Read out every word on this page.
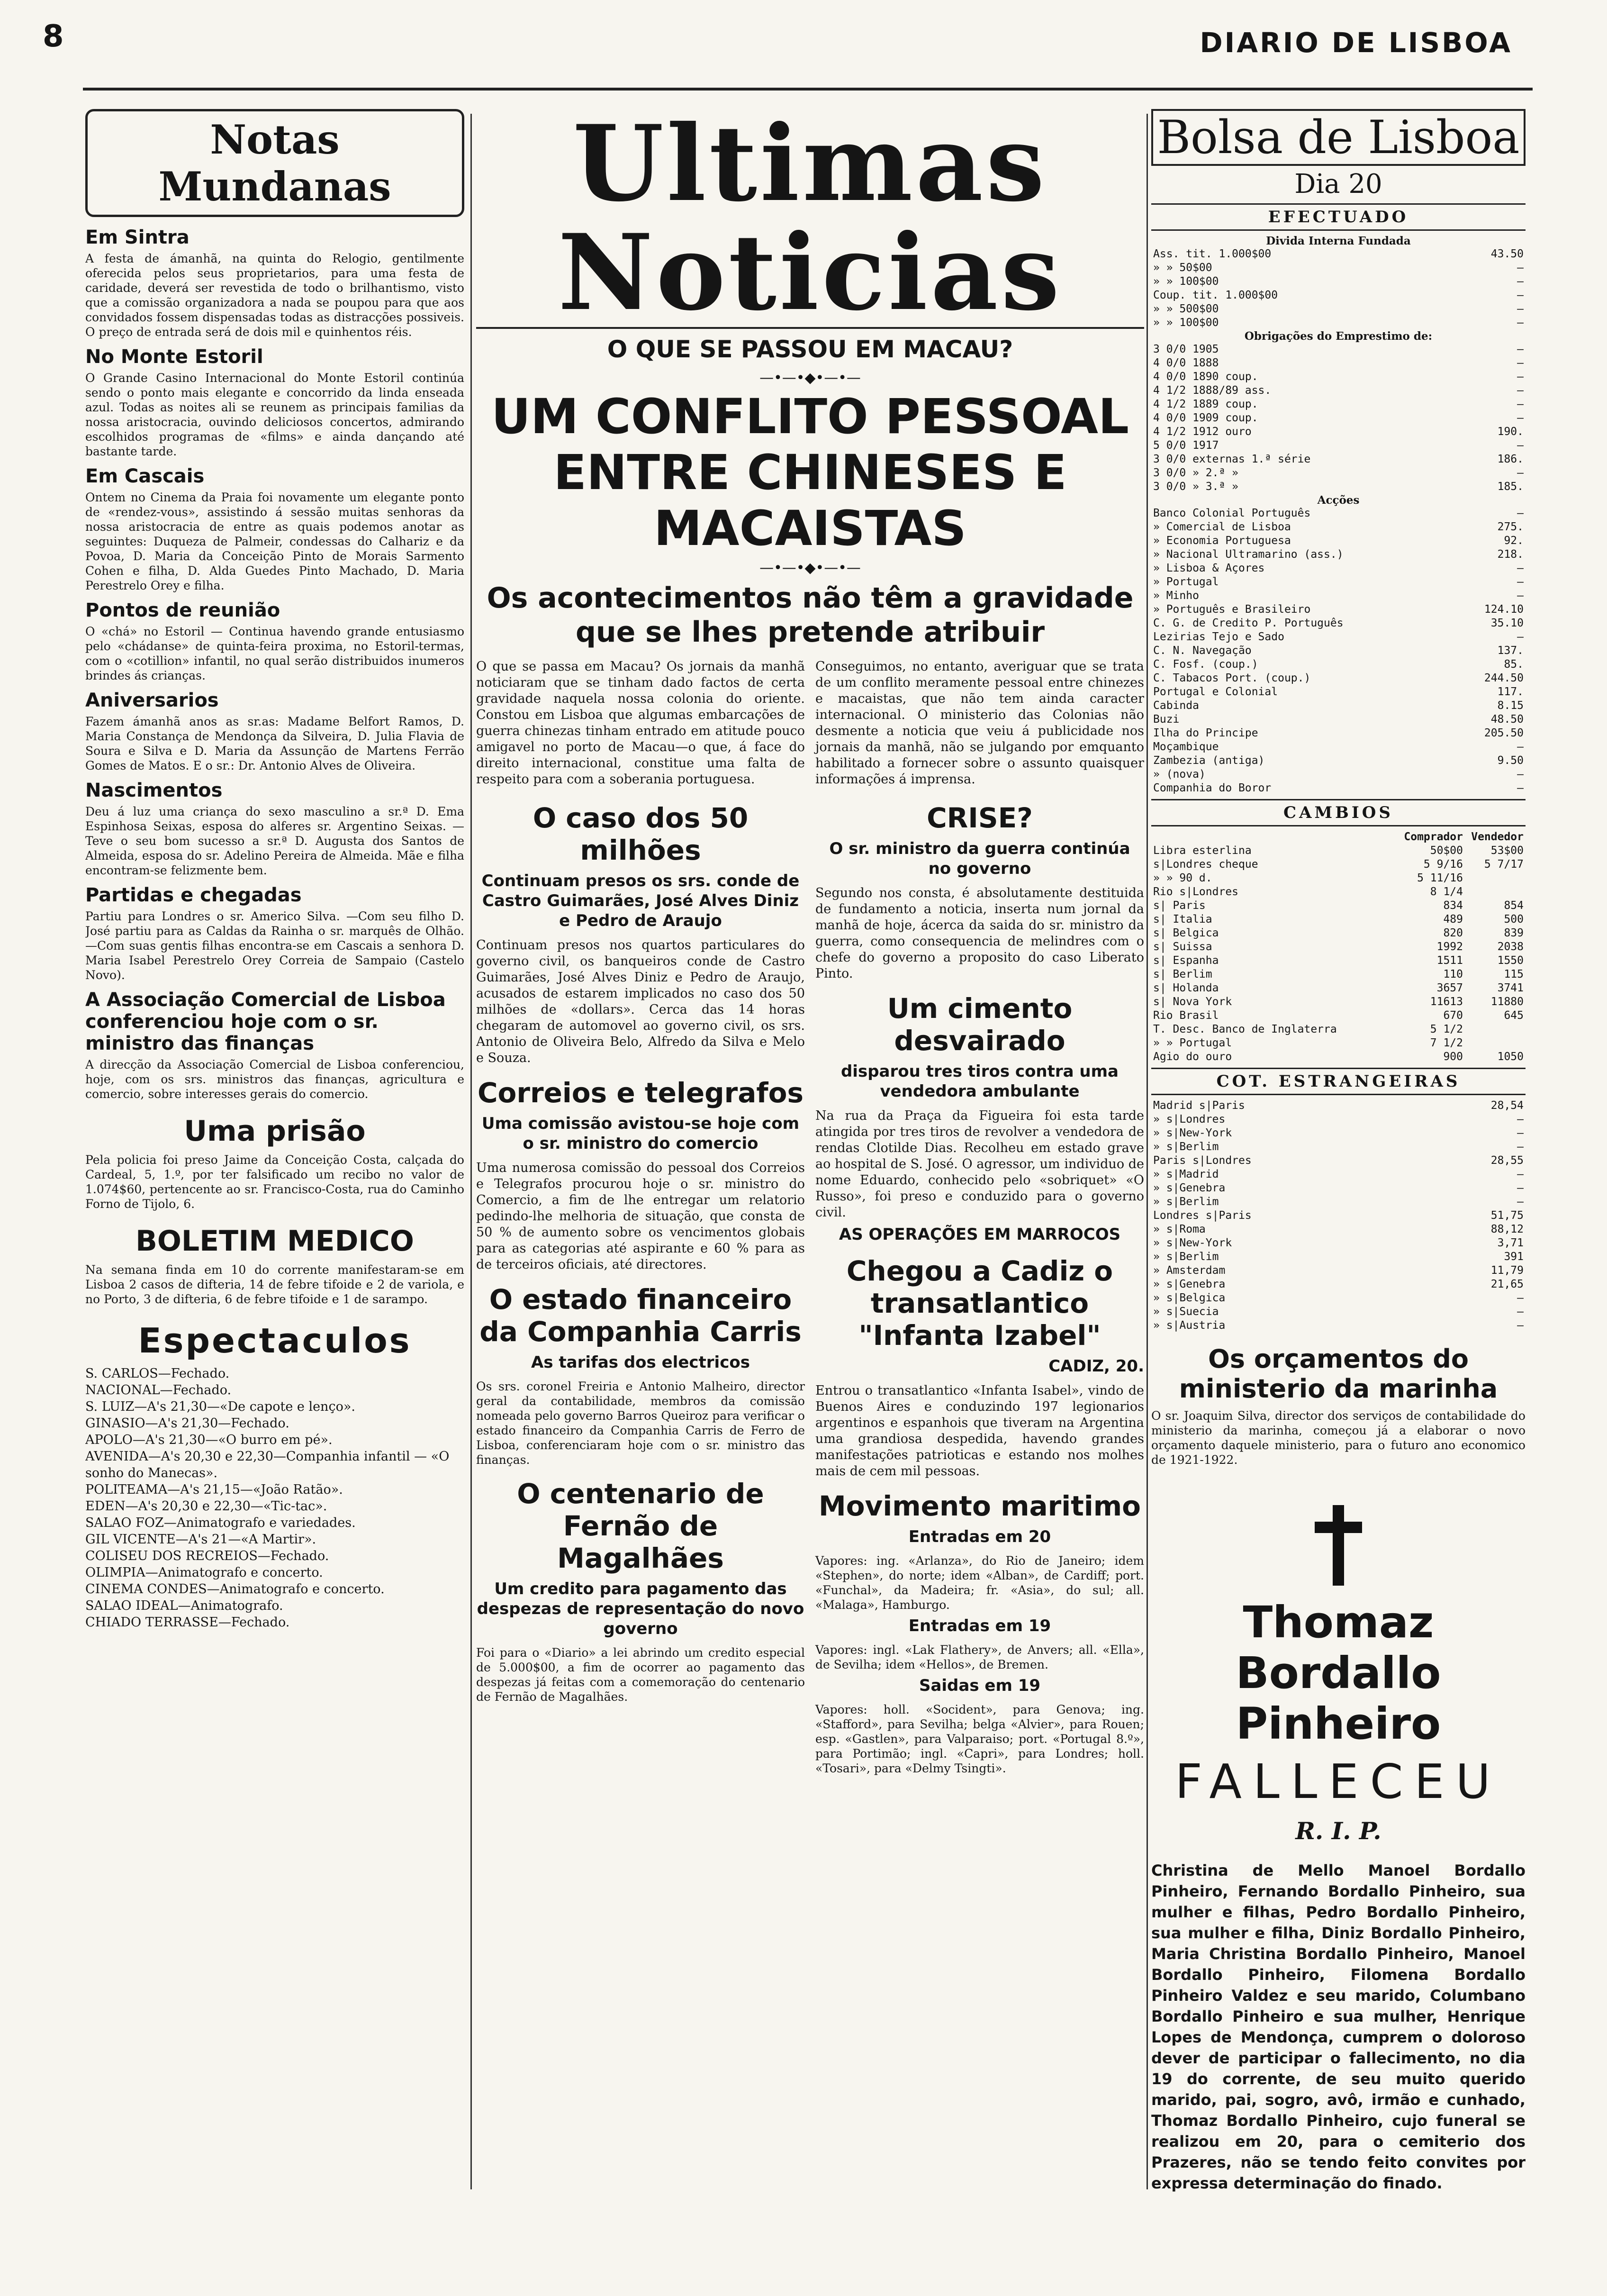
8	DIARIO DE LISBOA
Notas Mundanas
Em Sintra

A festa de ámanhã, na quinta do Relogio, gentilmente oferecida pelos seus proprietarios, para uma festa de caridade, deverá ser revestida de todo o brilhantismo, visto que a comissão organizadora a nada se poupou para que aos convidados fossem dispensadas todas as distracções possiveis. O preço de entrada será de dois mil e quinhentos réis.

No Monte Estoril

O Grande Casino Internacional do Monte Estoril continúa sendo o ponto mais elegante e concorrido da linda enseada azul. Todas as noites ali se reunem as principais familias da nossa aristocracia, ouvindo deliciosos concertos, admirando escolhidos programas de «films» e ainda dançando até bastante tarde.

Em Cascais

Ontem no Cinema da Praia foi novamente um elegante ponto de «rendez-vous», assistindo á sessão muitas senhoras da nossa aristocracia de entre as quais podemos anotar as seguintes: Duqueza de Palmeir, condessas do Calhariz e da Povoa, D. Maria da Conceição Pinto de Morais Sarmento Cohen e filha, D. Alda Guedes Pinto Machado, D. Maria Perestrelo Orey e filha.

Pontos de reunião

O «chá» no Estoril — Continua havendo grande entusiasmo pelo «chádanse» de quinta-feira proxima, no Estoril-termas, com o «cotillion» infantil, no qual serão distribuidos inumeros brindes ás crianças.

Aniversarios

Fazem ámanhã anos as sr.as: Madame Belfort Ramos, D. Maria Constança de Mendonça da Silveira, D. Julia Flavia de Soura e Silva e D. Maria da Assunção de Martens Ferrão Gomes de Matos. E o sr.: Dr. Antonio Alves de Oliveira.

Nascimentos

Deu á luz uma criança do sexo masculino a sr.ª D. Ema Espinhosa Seixas, esposa do alferes sr. Argentino Seixas. —Teve o seu bom sucesso a sr.ª D. Augusta dos Santos de Almeida, esposa do sr. Adelino Pereira de Almeida. Mãe e filha encontram-se felizmente bem.

Partidas e chegadas

Partiu para Londres o sr. Americo Silva. —Com seu filho D. José partiu para as Caldas da Rainha o sr. marquês de Olhão. —Com suas gentis filhas encontra-se em Cascais a senhora D. Maria Isabel Perestrelo Orey Correia de Sampaio (Castelo Novo).

A Associação Comercial de Lisboa conferenciou hoje com o sr. ministro das finanças

A direcção da Associação Comercial de Lisboa conferenciou, hoje, com os srs. ministros das finanças, agricultura e comercio, sobre interesses gerais do comercio.

Uma prisão

Pela policia foi preso Jaime da Conceição Costa, calçada do Cardeal, 5, 1.º, por ter falsificado um recibo no valor de 1.074$60, pertencente ao sr. Francisco-Costa, rua do Caminho Forno de Tijolo, 6.

BOLETIM MEDICO

Na semana finda em 10 do corrente manifestaram-se em Lisboa 2 casos de difteria, 14 de febre tifoide e 2 de variola, e no Porto, 3 de difteria, 6 de febre tifoide e 1 de sarampo.

Espectaculos
S. CARLOS—Fechado.
NACIONAL—Fechado.
S. LUIZ—A's 21,30—«De capote e lenço».
GINASIO—A's 21,30—Fechado.
APOLO—A's 21,30—«O burro em pé».
AVENIDA—A's 20,30 e 22,30—Companhia infantil — «O sonho do Manecas».
POLITEAMA—A's 21,15—«João Ratão».
EDEN—A's 20,30 e 22,30—«Tic-tac».
SALAO FOZ—Animatografo e variedades.
GIL VICENTE—A's 21—«A Martir».
COLISEU DOS RECREIOS—Fechado.
OLIMPIA—Animatografo e concerto.
CINEMA CONDES—Animatografo e concerto.
SALAO IDEAL—Animatografo.
CHIADO TERRASSE—Fechado.
Ultimas Noticias
O QUE SE PASSOU EM MACAU?
—•—•◆•—•—
UM CONFLITO PESSOAL ENTRE CHINESES E MACAISTAS
—•—•◆•—•—
Os acontecimentos não têm a gravidade que se lhes pretende atribuir

O que se passa em Macau? Os jornais da manhã noticiaram que se tinham dado factos de certa gravidade naquela nossa colonia do oriente. Constou em Lisboa que algumas embarcações de guerra chinezas tinham entrado em atitude pouco amigavel no porto de Macau—o que, á face do direito internacional, constitue uma falta de respeito para com a soberania portuguesa.

Conseguimos, no entanto, averiguar que se trata de um conflito meramente pessoal entre chinezes e macaistas, que não tem ainda caracter internacional. O ministerio das Colonias não desmente a noticia que veiu á publicidade nos jornais da manhã, não se julgando por emquanto habilitado a fornecer sobre o assunto quaisquer informações á imprensa.

O caso dos 50 milhões
Continuam presos os srs. conde de Castro Guimarães, José Alves Diniz e Pedro de Araujo

Continuam presos nos quartos particulares do governo civil, os banqueiros conde de Castro Guimarães, José Alves Diniz e Pedro de Araujo, acusados de estarem implicados no caso dos 50 milhões de «dollars». Cerca das 14 horas chegaram de automovel ao governo civil, os srs. Antonio de Oliveira Belo, Alfredo da Silva e Melo e Souza.

Correios e telegrafos
Uma comissão avistou-se hoje com o sr. ministro do comercio

Uma numerosa comissão do pessoal dos Correios e Telegrafos procurou hoje o sr. ministro do Comercio, a fim de lhe entregar um relatorio pedindo-lhe melhoria de situação, que consta de 50 % de aumento sobre os vencimentos globais para as categorias até aspirante e 60 % para as de terceiros oficiais, até directores.

O estado financeiro da Companhia Carris
As tarifas dos electricos

Os srs. coronel Freiria e Antonio Malheiro, director geral da contabilidade, membros da comissão nomeada pelo governo Barros Queiroz para verificar o estado financeiro da Companhia Carris de Ferro de Lisboa, conferenciaram hoje com o sr. ministro das finanças.

O centenario de Fernão de Magalhães
Um credito para pagamento das despezas de representação do novo governo

Foi para o «Diario» a lei abrindo um credito especial de 5.000$00, a fim de ocorrer ao pagamento das despezas já feitas com a comemoração do centenario de Fernão de Magalhães.

CRISE?
O sr. ministro da guerra continúa no governo

Segundo nos consta, é absolutamente destituida de fundamento a noticia, inserta num jornal da manhã de hoje, ácerca da saida do sr. ministro da guerra, como consequencia de melindres com o chefe do governo a proposito do caso Liberato Pinto.

Um cimento desvairado
disparou tres tiros contra uma vendedora ambulante

Na rua da Praça da Figueira foi esta tarde atingida por tres tiros de revolver a vendedora de rendas Clotilde Dias. Recolheu em estado grave ao hospital de S. José. O agressor, um individuo de nome Eduardo, conhecido pelo «sobriquet» «O Russo», foi preso e conduzido para o governo civil.

AS OPERAÇÕES EM MARROCOS
Chegou a Cadiz o transatlantico "Infanta Izabel"
CADIZ, 20.

Entrou o transatlantico «Infanta Isabel», vindo de Buenos Aires e conduzindo 197 legionarios argentinos e espanhois que tiveram na Argentina uma grandiosa despedida, havendo grandes manifestações patrioticas e estando nos molhes mais de cem mil pessoas.

Movimento maritimo
Entradas em 20

Vapores: ing. «Arlanza», do Rio de Janeiro; idem «Stephen», do norte; idem «Alban», de Cardiff; port. «Funchal», da Madeira; fr. «Asia», do sul; all. «Malaga», Hamburgo.

Entradas em 19

Vapores: ingl. «Lak Flathery», de Anvers; all. «Ella», de Sevilha; idem «Hellos», de Bremen.

Saidas em 19

Vapores: holl. «Socident», para Genova; ing. «Stafford», para Sevilha; belga «Alvier», para Rouen; esp. «Gastlen», para Valparaiso; port. «Portugal 8.º», para Portimão; ingl. «Capri», para Londres; holl. «Tosari», para «Delmy Tsingti».

Bolsa de Lisboa
Dia 20
EFECTUADO
Divida Interna Fundada
Ass. tit. 1.000$00	43.50
» » 50$00	—
» » 100$00	—
Coup. tit. 1.000$00	—
» » 500$00	—
» » 100$00	—
Obrigações do Emprestimo de:
3 0/0 1905	—
4 0/0 1888	—
4 0/0 1890 coup.	—
4 1/2 1888/89 ass.	—
4 1/2 1889 coup.	—
4 0/0 1909 coup.	—
4 1/2 1912 ouro	190.
5 0/0 1917	—
3 0/0 externas 1.ª série	186.
3 0/0 » 2.ª »	—
3 0/0 » 3.ª »	185.
Acções
Banco Colonial Português	—
» Comercial de Lisboa	275.
» Economia Portuguesa	92.
» Nacional Ultramarino (ass.)	218.
» Lisboa & Açores	—
» Portugal	—
» Minho	—
» Português e Brasileiro	124.10
C. G. de Credito P. Português	35.10
Lezirias Tejo e Sado	—
C. N. Navegação	137.
C. Fosf. (coup.)	85.
C. Tabacos Port. (coup.)	244.50
Portugal e Colonial	117.
Cabinda	8.15
Buzi	48.50
Ilha do Principe	205.50
Moçambique	—
Zambezia (antiga)	9.50
» (nova)	—
Companhia do Boror	—
CAMBIOS
	Comprador	Vendedor
Libra esterlina	50$00	53$00
s|Londres cheque	5 9/16	5 7/17
» » 90 d.	5 11/16	
Rio s|Londres	8 1/4	
s| Paris	834	854
s| Italia	489	500
s| Belgica	820	839
s| Suissa	1992	2038
s| Espanha	1511	1550
s| Berlim	110	115
s| Holanda	3657	3741
s| Nova York	11613	11880
Rio Brasil	670	645
T. Desc. Banco de Inglaterra	5 1/2	
» » Portugal	7 1/2	
Agio do ouro	900	1050
COT. ESTRANGEIRAS
Madrid s|Paris	28,54
» s|Londres	—
» s|New-York	—
» s|Berlim	—
Paris s|Londres	28,55
» s|Madrid	—
» s|Genebra	—
» s|Berlim	—
Londres s|Paris	51,75
» s|Roma	88,12
» s|New-York	3,71
» s|Berlim	391
» Amsterdam	11,79
» s|Genebra	21,65
» s|Belgica	—
» s|Suecia	—
» s|Austria	—
Os orçamentos do ministerio da marinha

O sr. Joaquim Silva, director dos serviços de contabilidade do ministerio da marinha, começou já a elaborar o novo orçamento daquele ministerio, para o futuro ano economico de 1921-1922.

Thomaz Bordallo Pinheiro
FALLECEU
R. I. P.

Christina de Mello Manoel Bordallo Pinheiro, Fernando Bordallo Pinheiro, sua mulher e filhas, Pedro Bordallo Pinheiro, sua mulher e filha, Diniz Bordallo Pinheiro, Maria Christina Bordallo Pinheiro, Manoel Bordallo Pinheiro, Filomena Bordallo Pinheiro Valdez e seu marido, Columbano Bordallo Pinheiro e sua mulher, Henrique Lopes de Mendonça, cumprem o doloroso dever de participar o fallecimento, no dia 19 do corrente, de seu muito querido marido, pai, sogro, avô, irmão e cunhado, Thomaz Bordallo Pinheiro, cujo funeral se realizou em 20, para o cemiterio dos Prazeres, não se tendo feito convites por expressa determinação do finado.
